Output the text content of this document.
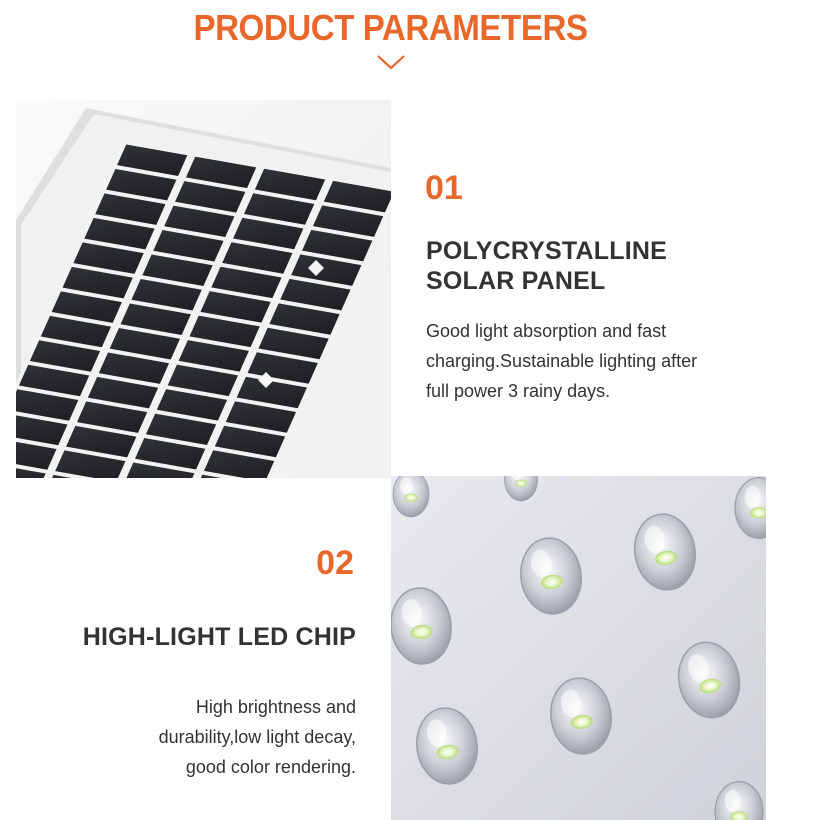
PRODUCT PARAMETERS
01
POLYCRYSTALLINE
SOLAR PANEL
Good light absorption and fast
charging.Sustainable lighting after
full power 3 rainy days.
02
HIGH-LIGHT LED CHIP
High brightness and
durability,low light decay,
good color rendering.
